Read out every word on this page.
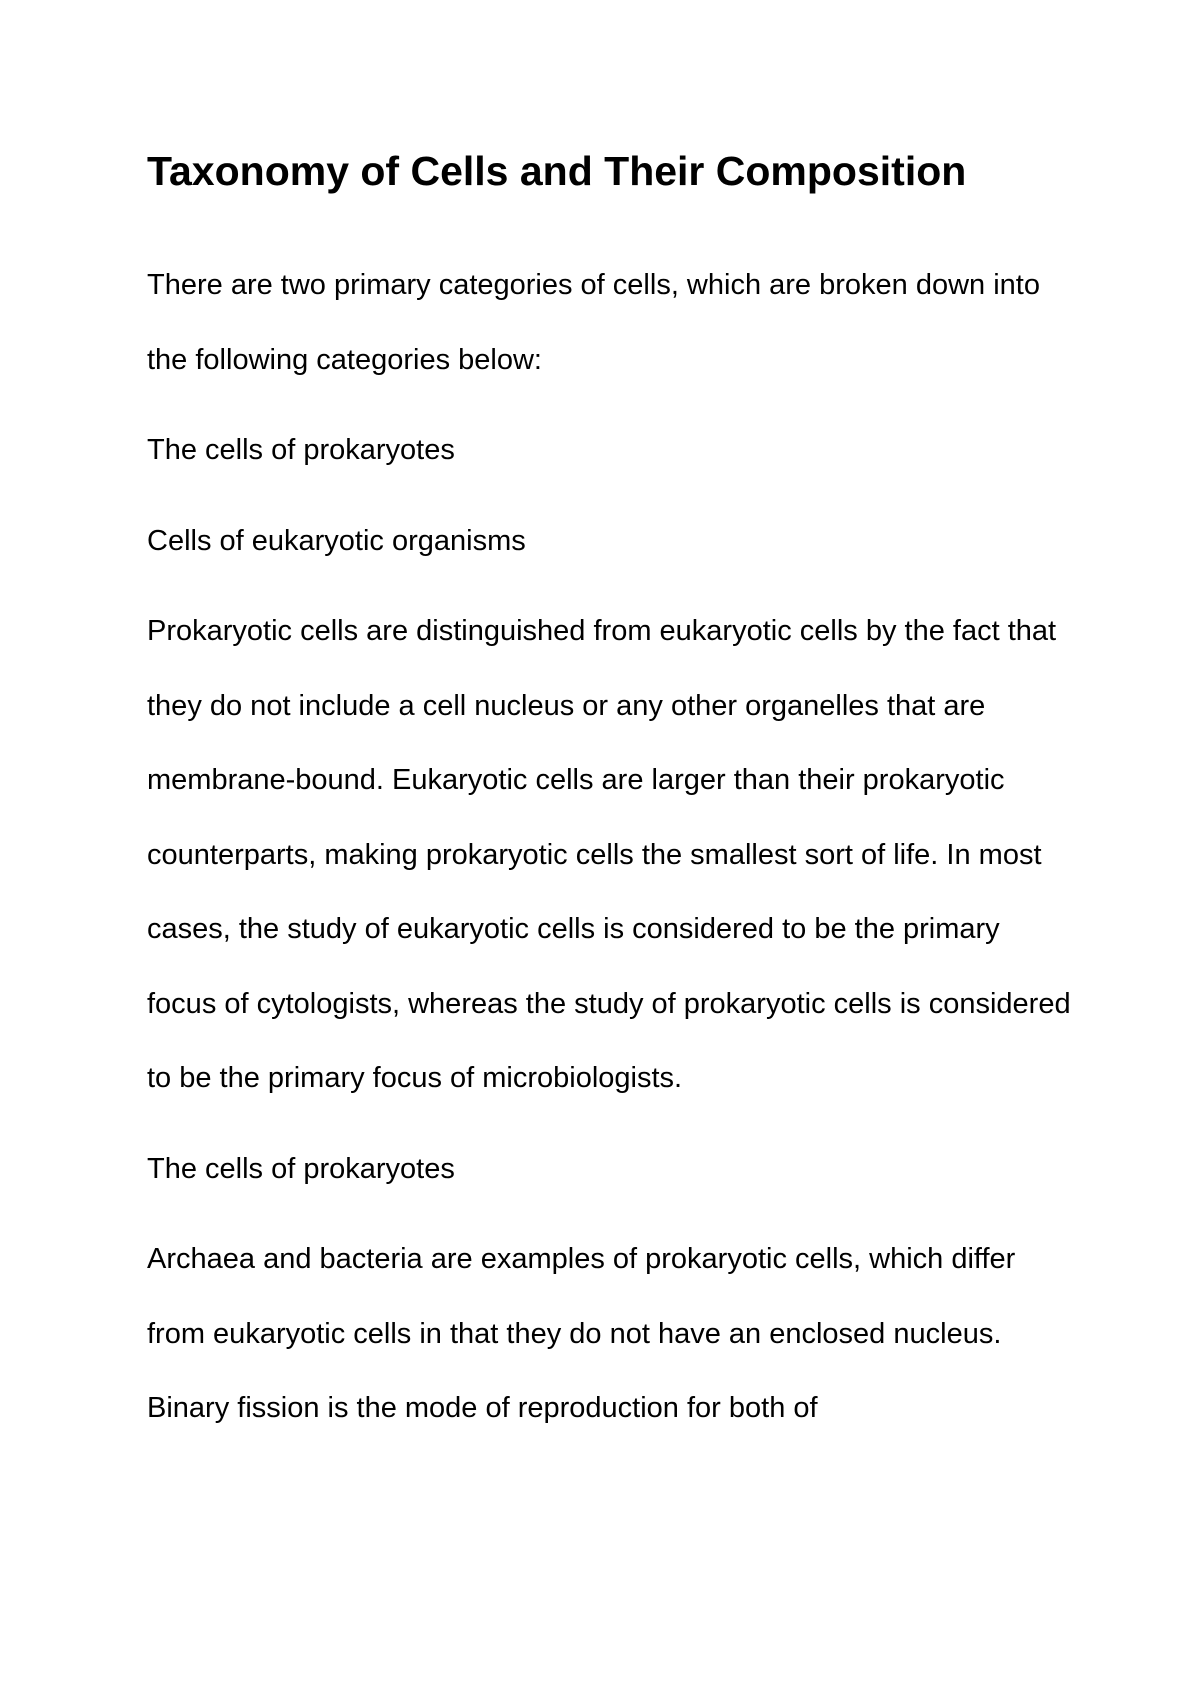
Taxonomy of Cells and Their Composition

There are two primary categories of cells, which are broken down into the following categories below:

The cells of prokaryotes

Cells of eukaryotic organisms

Prokaryotic cells are distinguished from eukaryotic cells by the fact that they do not include a cell nucleus or any other organelles that are membrane-bound. Eukaryotic cells are larger than their prokaryotic counterparts, making prokaryotic cells the smallest sort of life. In most cases, the study of eukaryotic cells is considered to be the primary focus of cytologists, whereas the study of prokaryotic cells is considered to be the primary focus of microbiologists.

The cells of prokaryotes

Archaea and bacteria are examples of prokaryotic cells, which differ from eukaryotic cells in that they do not have an enclosed nucleus. Binary fission is the mode of reproduction for both of
